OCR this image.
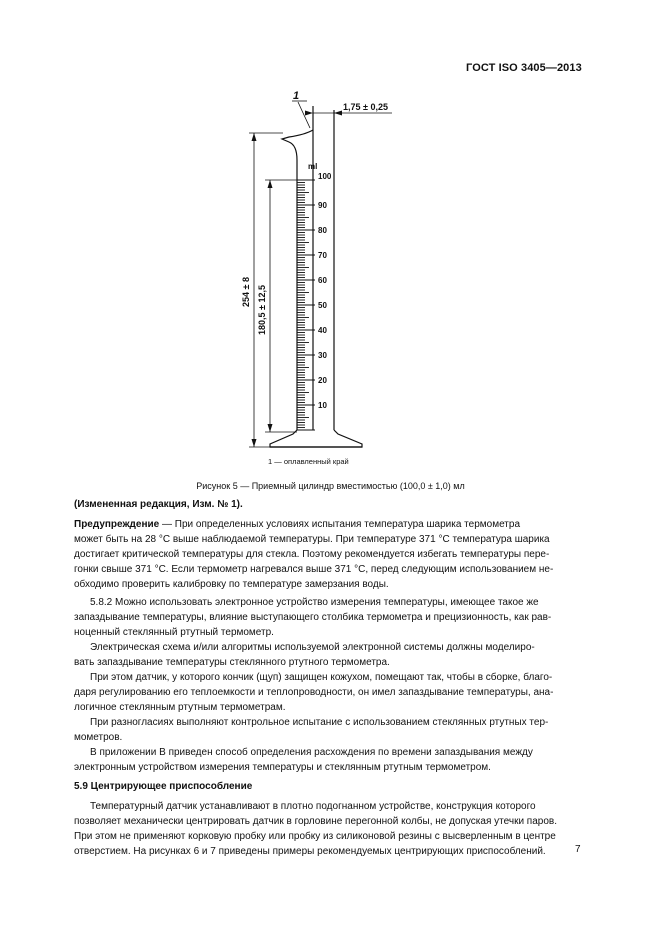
ГОСТ ISO 3405—2013
1
1,75 ± 0,25
ml
100
90
80
70
60
50
40
30
20
10
254 ± 8 180,5 ± 12,5
1 — оплавленный край
Рисунок 5 — Приемный цилиндр вместимостью (100,0 ± 1,0) мл
(Измененная редакция, Изм. № 1).
Предупреждение — При определенных условиях испытания температура шарика термометра
может быть на 28 °С выше наблюдаемой температуры. При температуре 371 °С температура шарика
достигает критической температуры для стекла. Поэтому рекомендуется избегать температуры пере-
гонки свыше 371 °С. Если термометр нагревался выше 371 °С, перед следующим использованием не-
обходимо проверить калибровку по температуре замерзания воды.
5.8.2 Можно использовать электронное устройство измерения температуры, имеющее такое же
запаздывание температуры, влияние выступающего столбика термометра и прецизионность, как рав-
ноценный стеклянный ртутный термометр.
Электрическая схема и/или алгоритмы используемой электронной системы должны моделиро-
вать запаздывание температуры стеклянного ртутного термометра.
При этом датчик, у которого кончик (щуп) защищен кожухом, помещают так, чтобы в сборке, благо-
даря регулированию его теплоемкости и теплопроводности, он имел запаздывание температуры, ана-
логичное стеклянным ртутным термометрам.
При разногласиях выполняют контрольное испытание с использованием стеклянных ртутных тер-
мометров.
В приложении В приведен способ определения расхождения по времени запаздывания между
электронным устройством измерения температуры и стеклянным ртутным термометром.
5.9 Центрирующее приспособление
Температурный датчик устанавливают в плотно подогнанном устройстве, конструкция которого
позволяет механически центрировать датчик в горловине перегонной колбы, не допуская утечки паров.
При этом не применяют корковую пробку или пробку из силиконовой резины с высверленным в центре
отверстием. На рисунках 6 и 7 приведены примеры рекомендуемых центрирующих приспособлений.	7
